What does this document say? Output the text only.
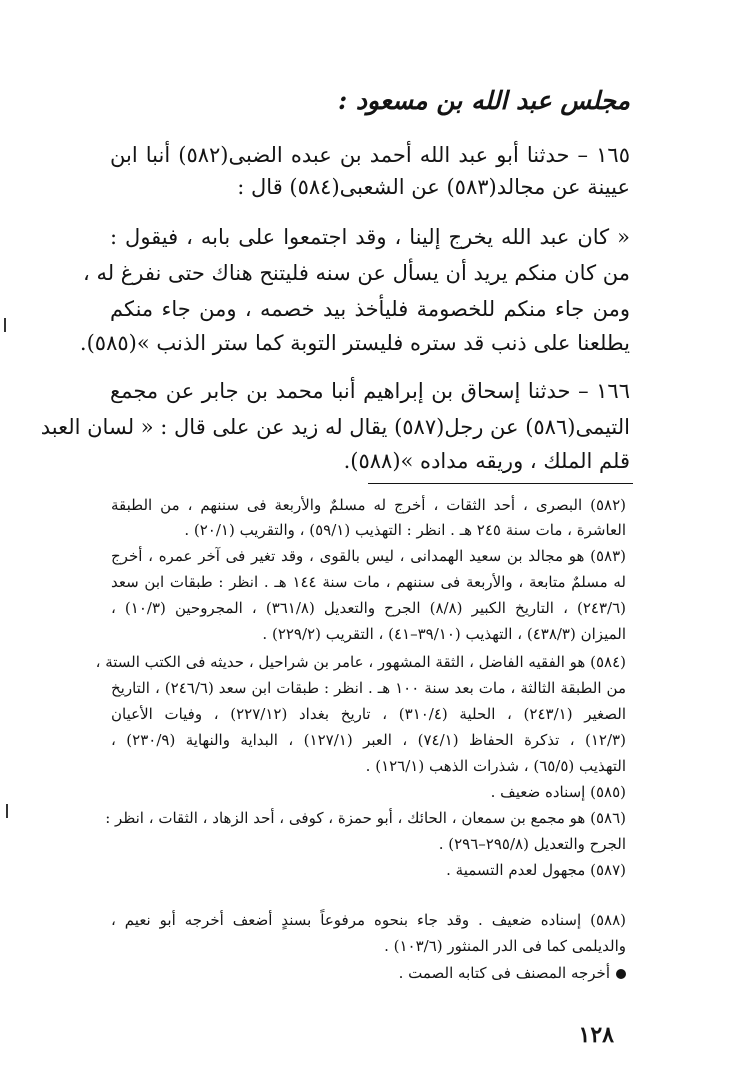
مجلس عبد الله بن مسعود :
١٦٥ – حدثنا أبو عبد الله أحمد بن عبده الضبى(٥٨٢) أنبا ابن
عيينة عن مجالد(٥٨٣) عن الشعبى(٥٨٤) قال :
« كان عبد الله يخرج إلينا ، وقد اجتمعوا على بابه ، فيقول :
من كان منكم يريد أن يسأل عن سنه فليتنح هناك حتى نفرغ له ،
ومن جاء منكم للخصومة فليأخذ بيد خصمه ، ومن جاء منكم
يطلعنا على ذنب قد ستره فليستر التوبة كما ستر الذنب »(٥٨٥).
١٦٦ – حدثنا إسحاق بن إبراهيم أنبا محمد بن جابر عن مجمع
التيمى(٥٨٦) عن رجل(٥٨٧) يقال له زيد عن على قال : « لسان العبد
قلم الملك ، وريقه مداده »(٥٨٨).
(٥٨٢) البصرى ، أحد الثقات ، أخرج له مسلمٌ والأربعة فى سننهم ، من الطبقة
العاشرة ، مات سنة ٢٤٥ هـ . انظر : التهذيب (٥٩/١) ، والتقريب (٢٠/١) .
(٥٨٣) هو مجالد بن سعيد الهمدانى ، ليس بالقوى ، وقد تغير فى آخر عمره ، أخرج
له مسلمٌ متابعة ، والأربعة فى سننهم ، مات سنة ١٤٤ هـ . انظر : طبقات ابن سعد
(٢٤٣/٦) ، التاريخ الكبير (٨/٨) الجرح والتعديل (٣٦١/٨) ، المجروحين (١٠/٣) ،
الميزان (٤٣٨/٣) ، التهذيب (٣٩/١٠–٤١) ، التقريب (٢٢٩/٢) .
(٥٨٤) هو الفقيه الفاضل ، الثقة المشهور ، عامر بن شراحيل ، حديثه فى الكتب الستة ،
من الطبقة الثالثة ، مات بعد سنة ١٠٠ هـ . انظر : طبقات ابن سعد (٢٤٦/٦) ، التاريخ
الصغير (٢٤٣/١) ، الحلية (٣١٠/٤) ، تاريخ بغداد (٢٢٧/١٢) ، وفيات الأعيان
(١٢/٣) ، تذكرة الحفاظ (٧٤/١) ، العبر (١٢٧/١) ، البداية والنهاية (٢٣٠/٩) ،
التهذيب (٦٥/٥) ، شذرات الذهب (١٢٦/١) .
(٥٨٥) إسناده ضعيف .
(٥٨٦) هو مجمع بن سمعان ، الحائك ، أبو حمزة ، كوفى ، أحد الزهاد ، الثقات ، انظر :
الجرح والتعديل (٢٩٥/٨–٢٩٦) .
(٥٨٧) مجهول لعدم التسمية .
(٥٨٨) إسناده ضعيف . وقد جاء بنحوه مرفوعاً بسندٍ أضعف أخرجه أبو نعيم ،
والديلمى كما فى الدر المنثور (١٠٣/٦) .
أخرجه المصنف فى كتابه الصمت .
١٢٨
